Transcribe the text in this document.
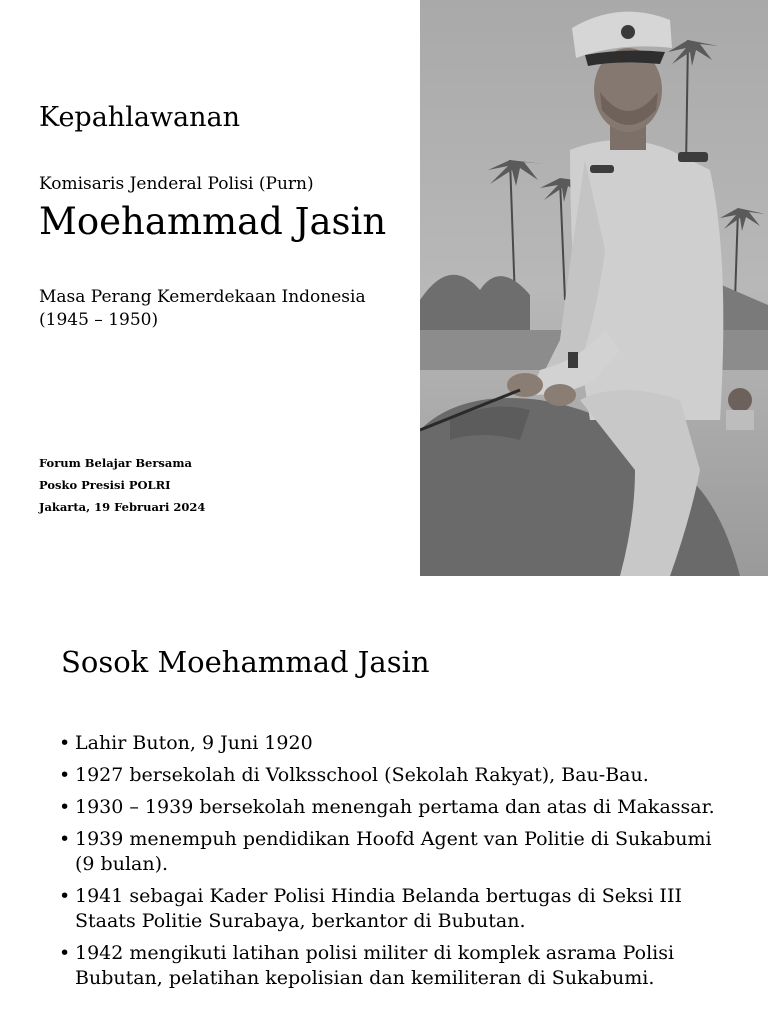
Kepahlawanan
Komisaris Jenderal Polisi (Purn)
Moehammad Jasin
Masa Perang Kemerdekaan Indonesia
(1945 – 1950)
Forum Belajar Bersama
Posko Presisi POLRI
Jakarta, 19 Februari 2024
Sosok Moehammad Jasin
• Lahir Buton, 9 Juni 1920
• 1927 bersekolah di Volksschool (Sekolah Rakyat), Bau-Bau.
• 1930 – 1939 bersekolah menengah pertama dan atas di Makassar.
• 1939 menempuh pendidikan Hoofd Agent van Politie di Sukabumi (9 bulan).
• 1941 sebagai Kader Polisi Hindia Belanda bertugas di Seksi III Staats Politie Surabaya, berkantor di Bubutan.
• 1942 mengikuti latihan polisi militer di komplek asrama Polisi Bubutan, pelatihan kepolisian dan kemiliteran di Sukabumi.
